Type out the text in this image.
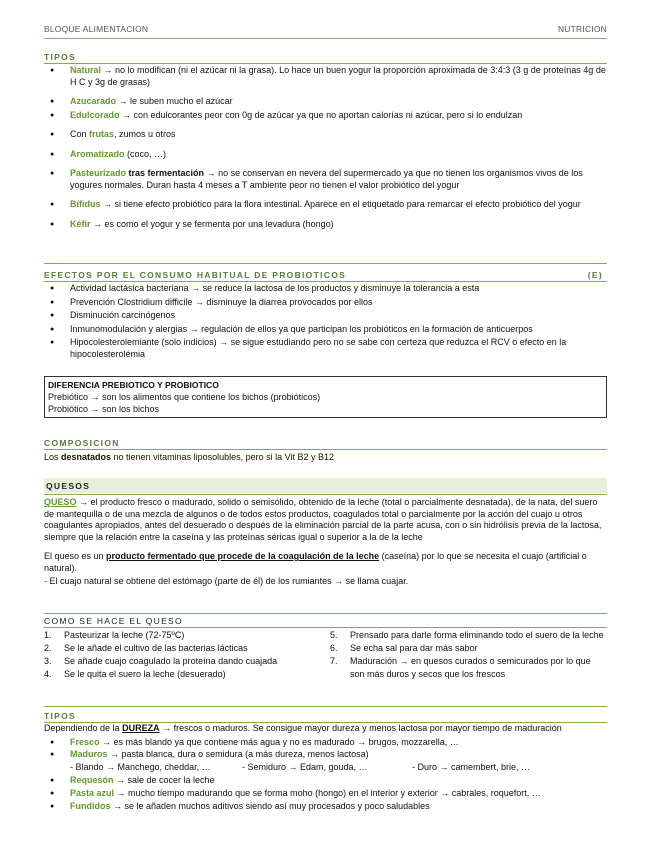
BLOQUE ALIMENTACION	NUTRICION
TIPOS
● Natural → no lo modifican (ni el azúcar ni la grasa). Lo hace un buen yogur la proporción aproximada de 3:4:3 (3 g de proteínas 4g de H C y 3g de grasas)
● Azucarado → le suben mucho el azúcar
● Edulcorado → con edulcorantes peor con 0g de azúcar ya que no aportan calorías ni azúcar, pero si lo endulzan
● Con frutas, zumos u otros
● Aromatizado (coco, …)
● Pasteurizado tras fermentación → no se conservan en nevera del supermercado ya que no tienen los organismos vivos de los yogures normales. Duran hasta 4 meses a T ambiente peor no tienen el valor probiótico del yogur
● Bífidus → si tiene efecto probiótico para la flora intestinal. Aparece en el etiquetado para remarcar el efecto probiótico del yogur
● Kéfir → es como el yogur y se fermenta por una levadura (hongo)
EFECTOS POR EL CONSUMO HABITUAL DE PROBIOTICOS	(E)
● Actividad lactásica bacteriana → se reduce la lactosa de los productos y disminuye la tolerancia a esta
● Prevención Clostridium difficile → disminuye la diarrea provocados por ellos
● Disminución carcinógenos
● Inmunomodulación y alergias → regulación de ellos ya que participan los probióticos en la formación de anticuerpos
● Hipocolesterolemiante (solo indicios) → se sigue estudiando pero no se sabe con certeza que reduzca el RCV o efecto en la hipocolesterolémia
DIFERENCIA PREBIOTICO Y PROBIOTICO
Prebiótico → son los alimentos que contiene los bichos (probióticos)
Probiótico → son los bichos
COMPOSICION
Los desnatados no tienen vitaminas liposolubles, pero si la Vit B2 y B12
QUESOS
QUESO → el producto fresco o madurado, solido o semisólido, obtenido de la leche (total o parcialmente desnatada), de la nata, del suero de mantequilla o de una mezcla de algunos o de todos estos productos, coagulados total o parcialmente por la acción del cuajo u otros coagulantes apropiados, antes del desuerado o después de la eliminación parcial de la parte acusa, con o sin hidrólisis previa de la lactosa, siempre que la relación entre la caseína y las proteínas séricas igual o superior a la de la leche
El queso es un producto fermentado que procede de la coagulación de la leche (caseína) por lo que se necesita el cuajo (artificial o natural).
- El cuajo natural se obtiene del estómago (parte de él) de los rumiantes → se llama cuajar.
COMO SE HACE EL QUESO
1. Pasteurizar la leche (72-75ºC)
2. Se le añade el cultivo de las bacterias lácticas
3. Se añade cuajo coagulado la proteína dando cuajada
4. Se le quita el suero la leche (desuerado)
5. Prensado para darle forma eliminando todo el suero de la leche
6. Se echa sal para dar más sabor
7. Maduración → en quesos curados o semicurados por lo que son más duros y secos que los frescos
TIPOS
Dependiendo de la DUREZA → frescos o maduros. Se consigue mayor dureza y menos lactosa por mayor tiempo de maduración
● Fresco → es más blando ya que contiene más agua y no es madurado → brugos, mozzarella, …
● Maduros → pasta blanca, dura o semidura (a más dureza, menos lactosa)
- Blando → Manchego, cheddar, …	- Semiduro → Edam, gouda, …	- Duro → camembert, brie, …
● Requesón → sale de cocer la leche
● Pasta azul → mucho tiempo madurando que se forma moho (hongo) en el interior y exterior → cabrales, roquefort, …
● Fundidos → se le añaden muchos aditivos siendo así muy procesados y poco saludables
